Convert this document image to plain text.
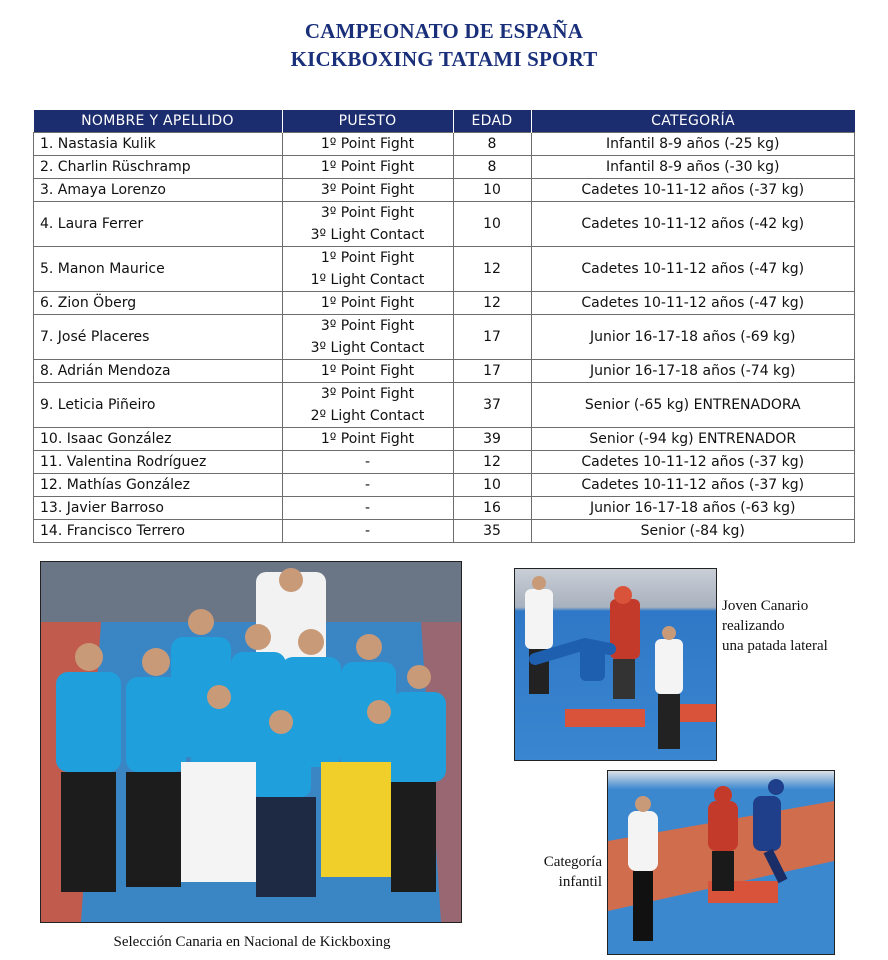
CAMPEONATO DE ESPAÑA
KICKBOXING TATAMI SPORT
NOMBRE Y APELLIDO	PUESTO	EDAD	CATEGORÍA
1. Nastasia Kulik	1º Point Fight	8	Infantil 8-9 años (-25 kg)
2. Charlin Rüschramp	1º Point Fight	8	Infantil 8-9 años (-30 kg)
3. Amaya Lorenzo	3º Point Fight	10	Cadetes 10-11-12 años (-37 kg)
4. Laura Ferrer	3º Point Fight
3º Light Contact	10	Cadetes 10-11-12 años (-42 kg)
5. Manon Maurice	1º Point Fight
1º Light Contact	12	Cadetes 10-11-12 años (-47 kg)
6. Zion Öberg	1º Point Fight	12	Cadetes 10-11-12 años (-47 kg)
7. José Placeres	3º Point Fight
3º Light Contact	17	Junior 16-17-18 años (-69 kg)
8. Adrián Mendoza	1º Point Fight	17	Junior 16-17-18 años (-74 kg)
9. Leticia Piñeiro	3º Point Fight
2º Light Contact	37	Senior (-65 kg) ENTRENADORA
10. Isaac González	1º Point Fight	39	Senior (-94 kg) ENTRENADOR
11. Valentina Rodríguez	-	12	Cadetes 10-11-12 años (-37 kg)
12. Mathías González	-	10	Cadetes 10-11-12 años (-37 kg)
13. Javier Barroso	-	16	Junior 16-17-18 años (-63 kg)
14. Francisco Terrero	-	35	Senior (-84 kg)
Selección Canaria en Nacional de Kickboxing
Joven Canario
realizando
una patada lateral
Categoría
infantil
